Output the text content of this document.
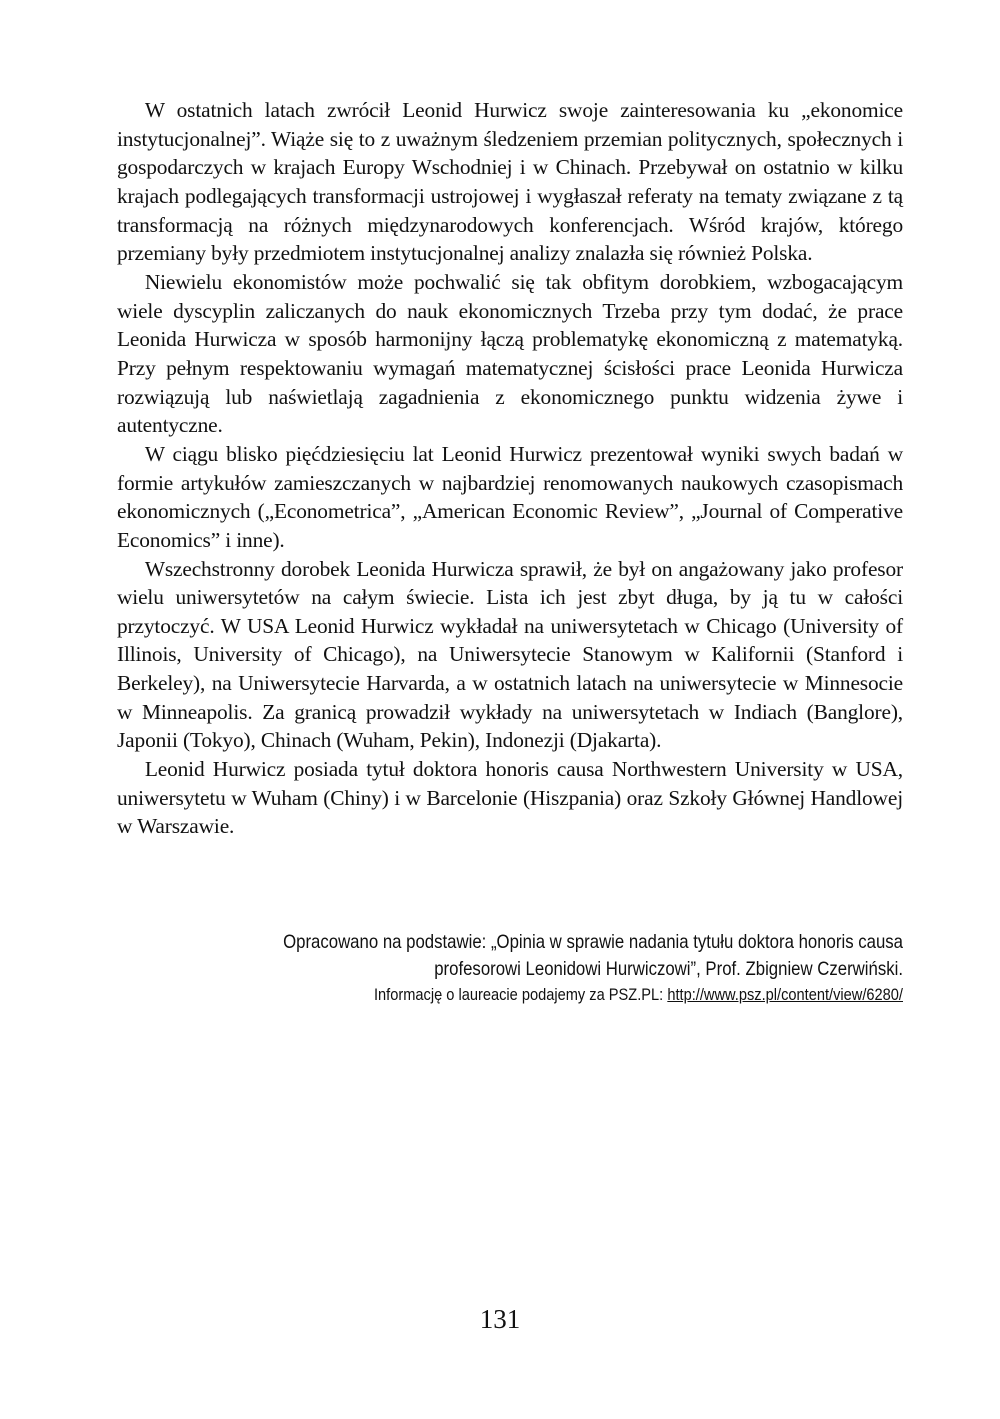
W ostatnich latach zwrócił Leonid Hurwicz swoje zainteresowania ku „ekonomice instytucjonalnej”. Wiąże się to z uważnym śledzeniem przemian politycznych, społecznych i gospodarczych w krajach Europy Wschodniej i w Chinach. Przebywał on ostatnio w kilku krajach podlegających transformacji ustrojowej i wygłaszał referaty na tematy związane z tą transformacją na różnych międzynarodowych konferencjach. Wśród krajów, którego przemiany były przedmiotem instytucjonalnej analizy znalazła się również Polska.

Niewielu ekonomistów może pochwalić się tak obfitym dorobkiem, wzbogacającym wiele dyscyplin zaliczanych do nauk ekonomicznych Trzeba przy tym dodać, że prace Leonida Hurwicza w sposób harmonijny łączą problematykę ekonomiczną z matematyką. Przy pełnym respektowaniu wymagań matematycznej ścisłości prace Leonida Hurwicza rozwiązują lub naświetlają zagadnienia z ekonomicznego punktu widzenia żywe i autentyczne.

W ciągu blisko pięćdziesięciu lat Leonid Hurwicz prezentował wyniki swych badań w formie artykułów zamieszczanych w najbardziej renomowanych naukowych czasopismach ekonomicznych („Econometrica”, „American Economic Review”, „Journal of Comperative Economics” i inne).

Wszechstronny dorobek Leonida Hurwicza sprawił, że był on angażowany jako profesor wielu uniwersytetów na całym świecie. Lista ich jest zbyt długa, by ją tu w całości przytoczyć. W USA Leonid Hurwicz wykładał na uniwersytetach w Chicago (University of Illinois, University of Chicago), na Uniwersytecie Stanowym w Kalifornii (Stanford i Berkeley), na Uniwersytecie Harvarda, a w ostatnich latach na uniwersytecie w Minnesocie w Minneapolis. Za granicą prowadził wykłady na uniwersytetach w Indiach (Banglore), Japonii (Tokyo), Chinach (Wuham, Pekin), Indonezji (Djakarta).

Leonid Hurwicz posiada tytuł doktora honoris causa Northwestern University w USA, uniwersytetu w Wuham (Chiny) i w Barcelonie (Hiszpania) oraz Szkoły Głównej Handlowej w Warszawie.

Opracowano na podstawie: „Opinia w sprawie nadania tytułu doktora honoris causa
profesorowi Leonidowi Hurwiczowi”, Prof. Zbigniew Czerwiński.
Informację o laureacie podajemy za PSZ.PL: http://www.psz.pl/content/view/6280/
131
